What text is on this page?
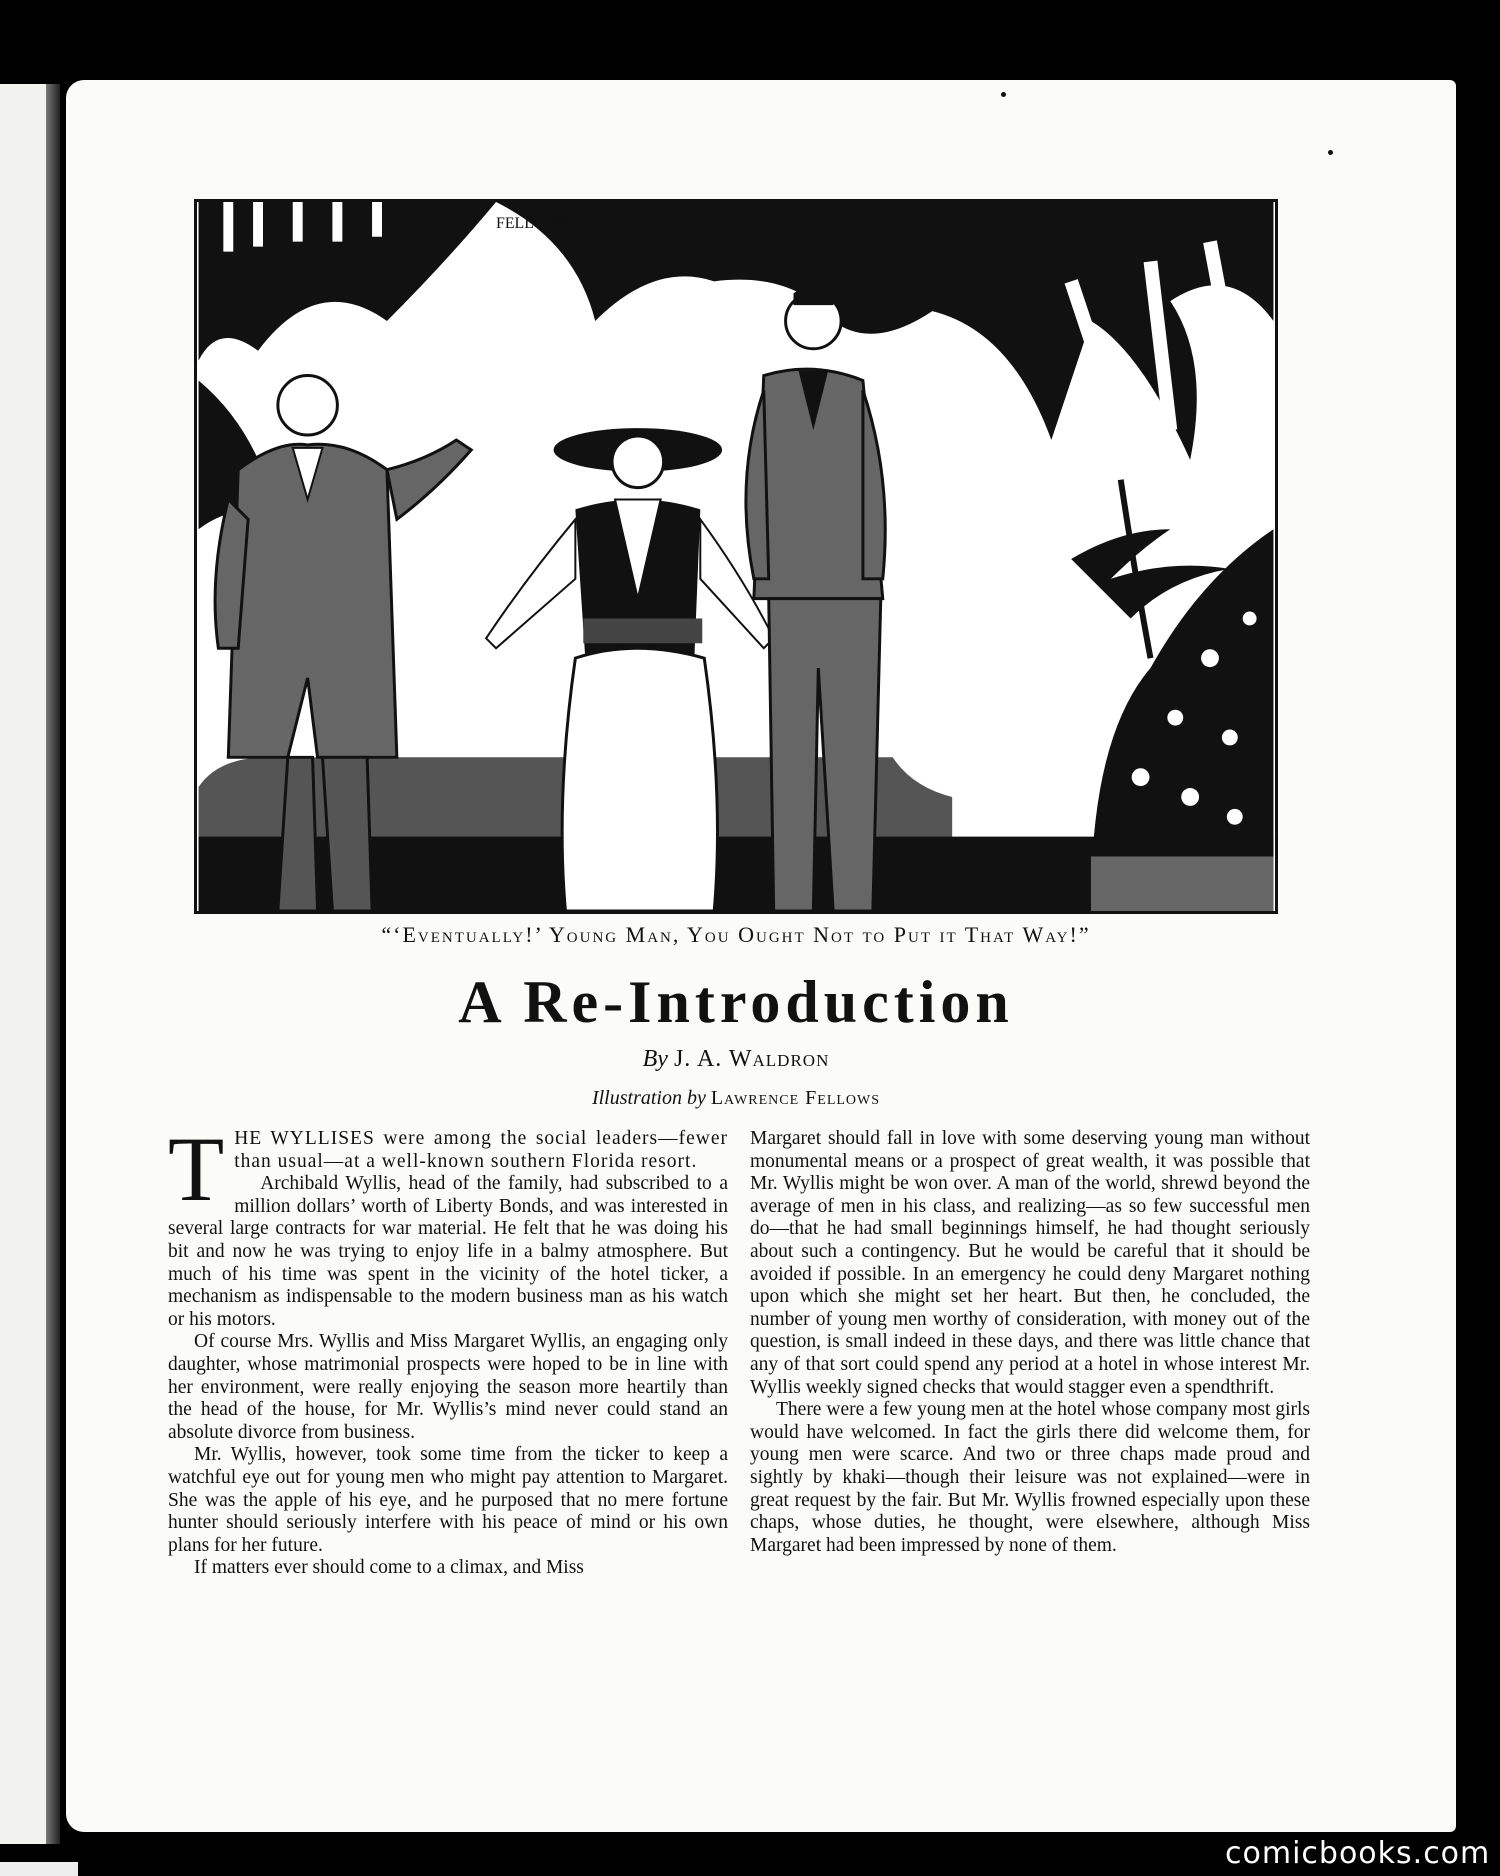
FELLOWS
“‘Eventually!’ Young Man, You Ought Not to Put it That Way!”
A Re-Introduction
By J. A. Waldron
Illustration by Lawrence Fellows

THE WYLLISES were among the social leaders—fewer than usual—at a well-known southern Florida resort.

Archibald Wyllis, head of the family, had subscribed to a million dollars’ worth of Liberty Bonds, and was interested in several large contracts for war material. He felt that he was doing his bit and now he was trying to enjoy life in a balmy atmosphere. But much of his time was spent in the vicinity of the hotel ticker, a mechanism as indispensable to the modern business man as his watch or his motors.

Of course Mrs. Wyllis and Miss Margaret Wyllis, an engaging only daughter, whose matrimonial prospects were hoped to be in line with her environment, were really enjoying the season more heartily than the head of the house, for Mr. Wyllis’s mind never could stand an absolute divorce from business.

Mr. Wyllis, however, took some time from the ticker to keep a watchful eye out for young men who might pay attention to Margaret. She was the apple of his eye, and he purposed that no mere fortune hunter should seriously interfere with his peace of mind or his own plans for her future.

If matters ever should come to a climax, and Miss

Margaret should fall in love with some deserving young man without monumental means or a prospect of great wealth, it was possible that Mr. Wyllis might be won over. A man of the world, shrewd beyond the average of men in his class, and realizing—as so few successful men do—that he had small beginnings himself, he had thought seriously about such a contingency. But he would be careful that it should be avoided if possible. In an emergency he could deny Margaret nothing upon which she might set her heart. But then, he concluded, the number of young men worthy of consideration, with money out of the question, is small indeed in these days, and there was little chance that any of that sort could spend any period at a hotel in whose interest Mr. Wyllis weekly signed checks that would stagger even a spendthrift.

There were a few young men at the hotel whose company most girls would have welcomed. In fact the girls there did welcome them, for young men were scarce. And two or three chaps made proud and sightly by khaki—though their leisure was not explained—were in great request by the fair. But Mr. Wyllis frowned especially upon these chaps, whose duties, he thought, were elsewhere, although Miss Margaret had been impressed by none of them.

comicbooks.com
